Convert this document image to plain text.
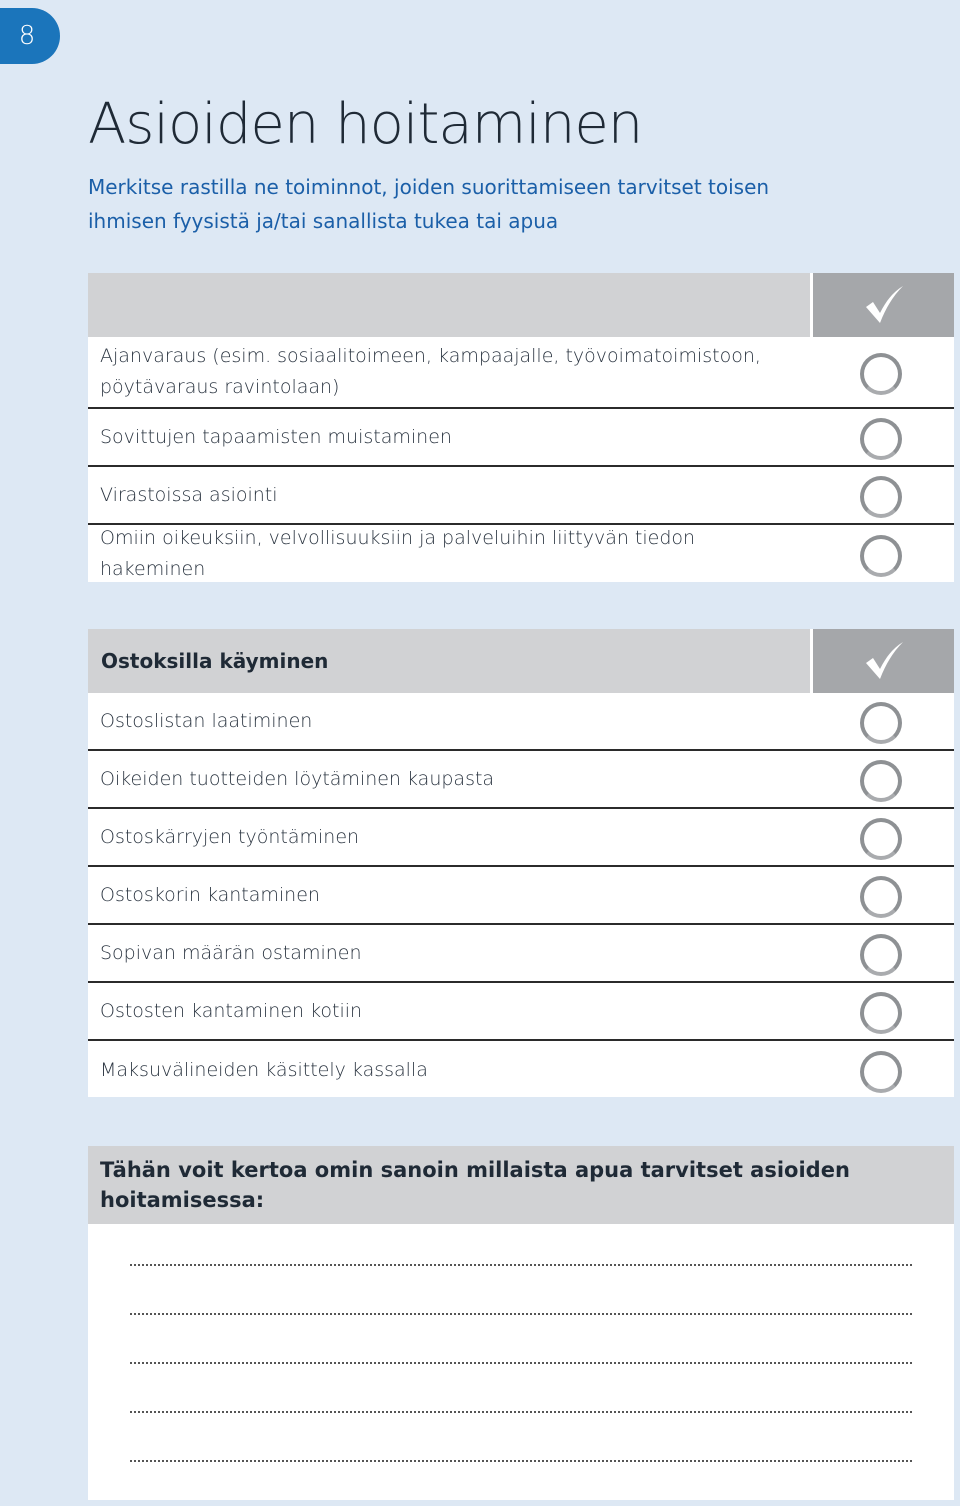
8
Asioiden hoitaminen

Merkitse rastilla ne toiminnot, joiden suorittamiseen tarvitset toisen ihmisen fyysistä ja/tai sanallista tukea tai apua

Ajanvaraus (esim. sosiaalitoimeen, kampaajalle, työvoimatoimistoon, pöytävaraus ravintolaan)
Sovittujen tapaamisten muistaminen
Virastoissa asiointi
Omiin oikeuksiin, velvollisuuksiin ja palveluihin liittyvän tiedon hakeminen
Ostoksilla käyminen
Ostoslistan laatiminen
Oikeiden tuotteiden löytäminen kaupasta
Ostoskärryjen työntäminen
Ostoskorin kantaminen
Sopivan määrän ostaminen
Ostosten kantaminen kotiin
Maksuvälineiden käsittely kassalla
Tähän voit kertoa omin sanoin millaista apua tarvitset asioiden hoitamisessa:
